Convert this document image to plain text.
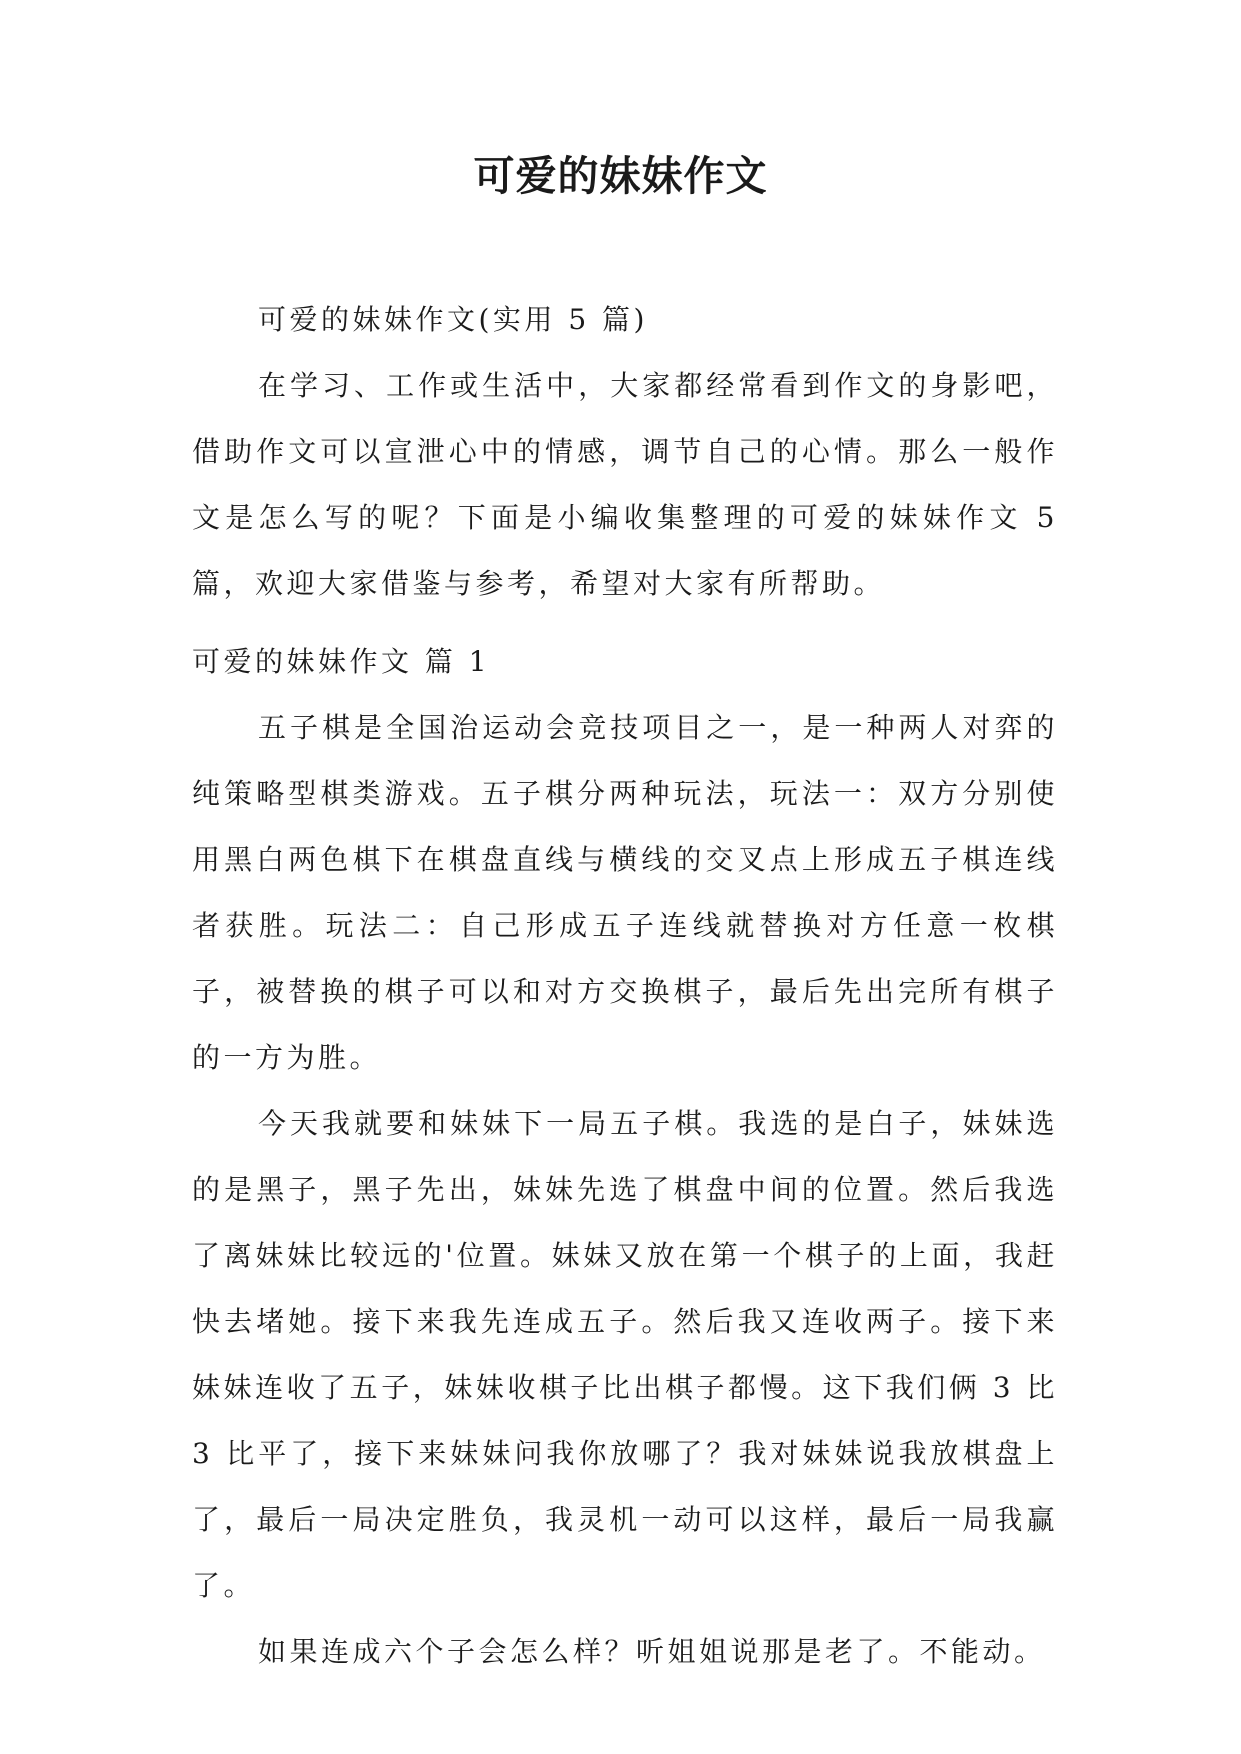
可爱的妹妹作文

可爱的妹妹作文(实用 5 篇)

在学习、工作或生活中，大家都经常看到作文的身影吧，借助作文可以宣泄心中的情感，调节自己的心情。那么一般作文是怎么写的呢？下面是小编收集整理的可爱的妹妹作文 5 篇，欢迎大家借鉴与参考，希望对大家有所帮助。

可爱的妹妹作文 篇 1

五子棋是全国治运动会竞技项目之一，是一种两人对弈的纯策略型棋类游戏。五子棋分两种玩法，玩法一：双方分别使用黑白两色棋下在棋盘直线与横线的交叉点上形成五子棋连线者获胜。玩法二：自己形成五子连线就替换对方任意一枚棋子，被替换的棋子可以和对方交换棋子，最后先出完所有棋子的一方为胜。

今天我就要和妹妹下一局五子棋。我选的是白子，妹妹选的是黑子，黑子先出，妹妹先选了棋盘中间的位置。然后我选了离妹妹比较远的'位置。妹妹又放在第一个棋子的上面，我赶快去堵她。接下来我先连成五子。然后我又连收两子。接下来妹妹连收了五子，妹妹收棋子比出棋子都慢。这下我们俩 3 比 3 比平了，接下来妹妹问我你放哪了？我对妹妹说我放棋盘上了，最后一局决定胜负，我灵机一动可以这样，最后一局我赢了。

如果连成六个子会怎么样？听姐姐说那是老了。不能动。
